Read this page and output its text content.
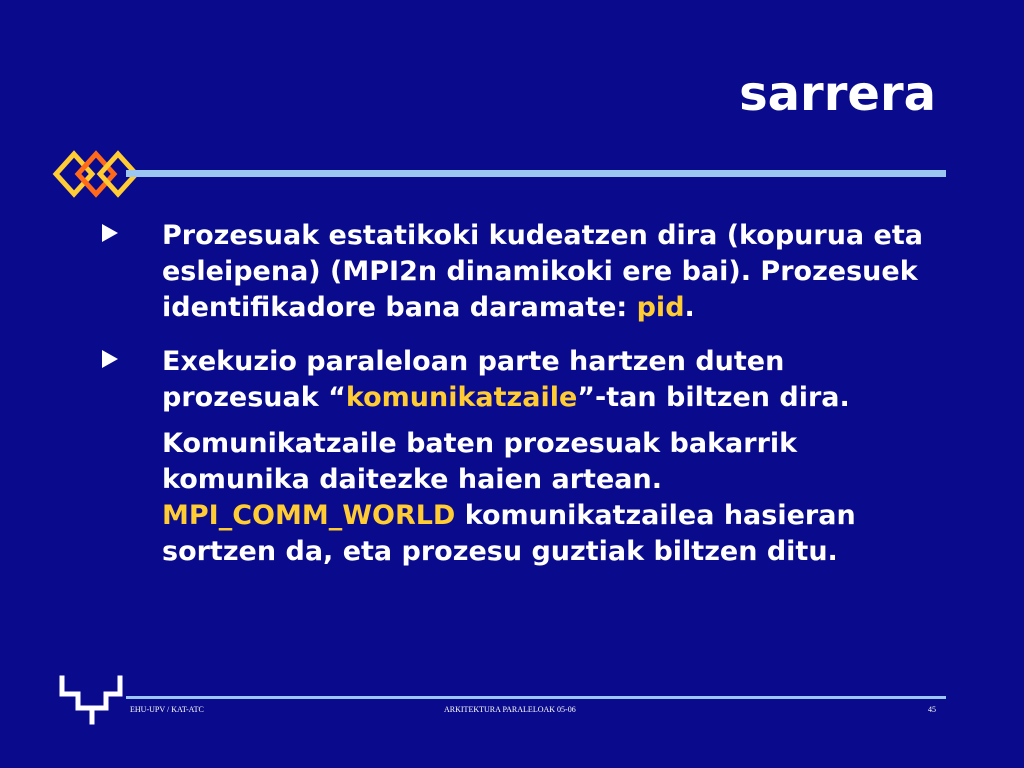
sarrera
Prozesuak estatikoki kudeatzen dira (kopurua eta esleipena) (MPI2n dinamikoki ere bai). Prozesuek identifikadore bana daramate: pid.
Exekuzio paraleloan parte hartzen duten prozesuak “komunikatzaile”-tan biltzen dira.
Komunikatzaile baten prozesuak bakarrik komunika daitezke haien artean. MPI_COMM_WORLD komunikatzailea hasieran sortzen da, eta prozesu guztiak biltzen ditu.
EHU-UPV / KAT-ATC	ARKITEKTURA PARALELOAK 05-06	45
